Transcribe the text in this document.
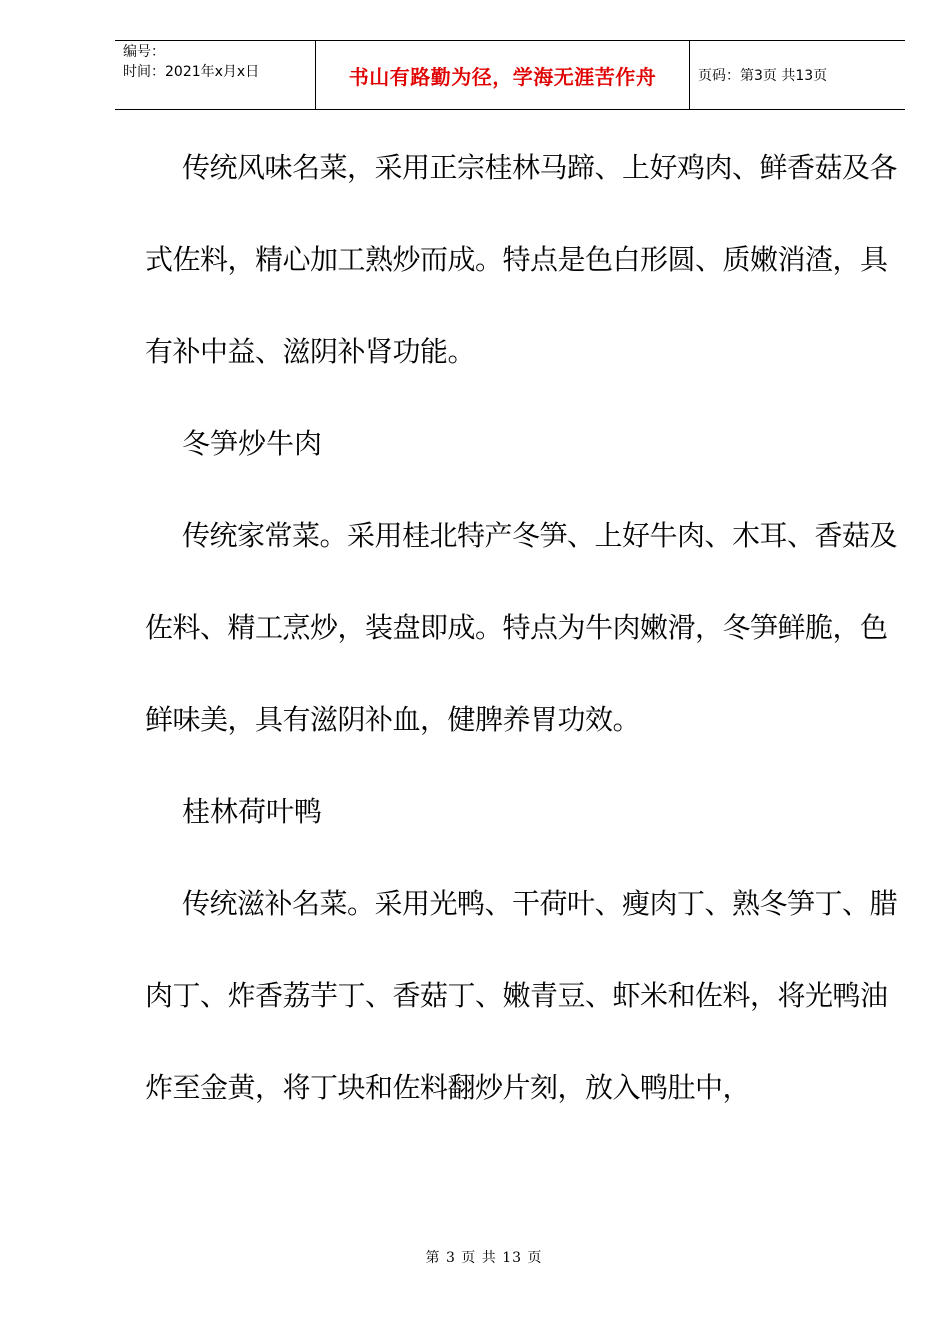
编号：
时间：2021年x月x日	书山有路勤为径，学海无涯苦作舟	页码：第3页 共13页

传统风味名菜，采用正宗桂林马蹄、上好鸡肉、鲜香菇及各式佐料，精心加工熟炒而成。特点是色白形圆、质嫩消渣，具有补中益、滋阴补肾功能。

冬笋炒牛肉

传统家常菜。采用桂北特产冬笋、上好牛肉、木耳、香菇及佐料、精工烹炒，装盘即成。特点为牛肉嫩滑，冬笋鲜脆，色鲜味美，具有滋阴补血，健脾养胃功效。

桂林荷叶鸭

传统滋补名菜。采用光鸭、干荷叶、瘦肉丁、熟冬笋丁、腊肉丁、炸香荔芋丁、香菇丁、嫩青豆、虾米和佐料，将光鸭油炸至金黄，将丁块和佐料翻炒片刻，放入鸭肚中，

第 3 页 共 13 页
